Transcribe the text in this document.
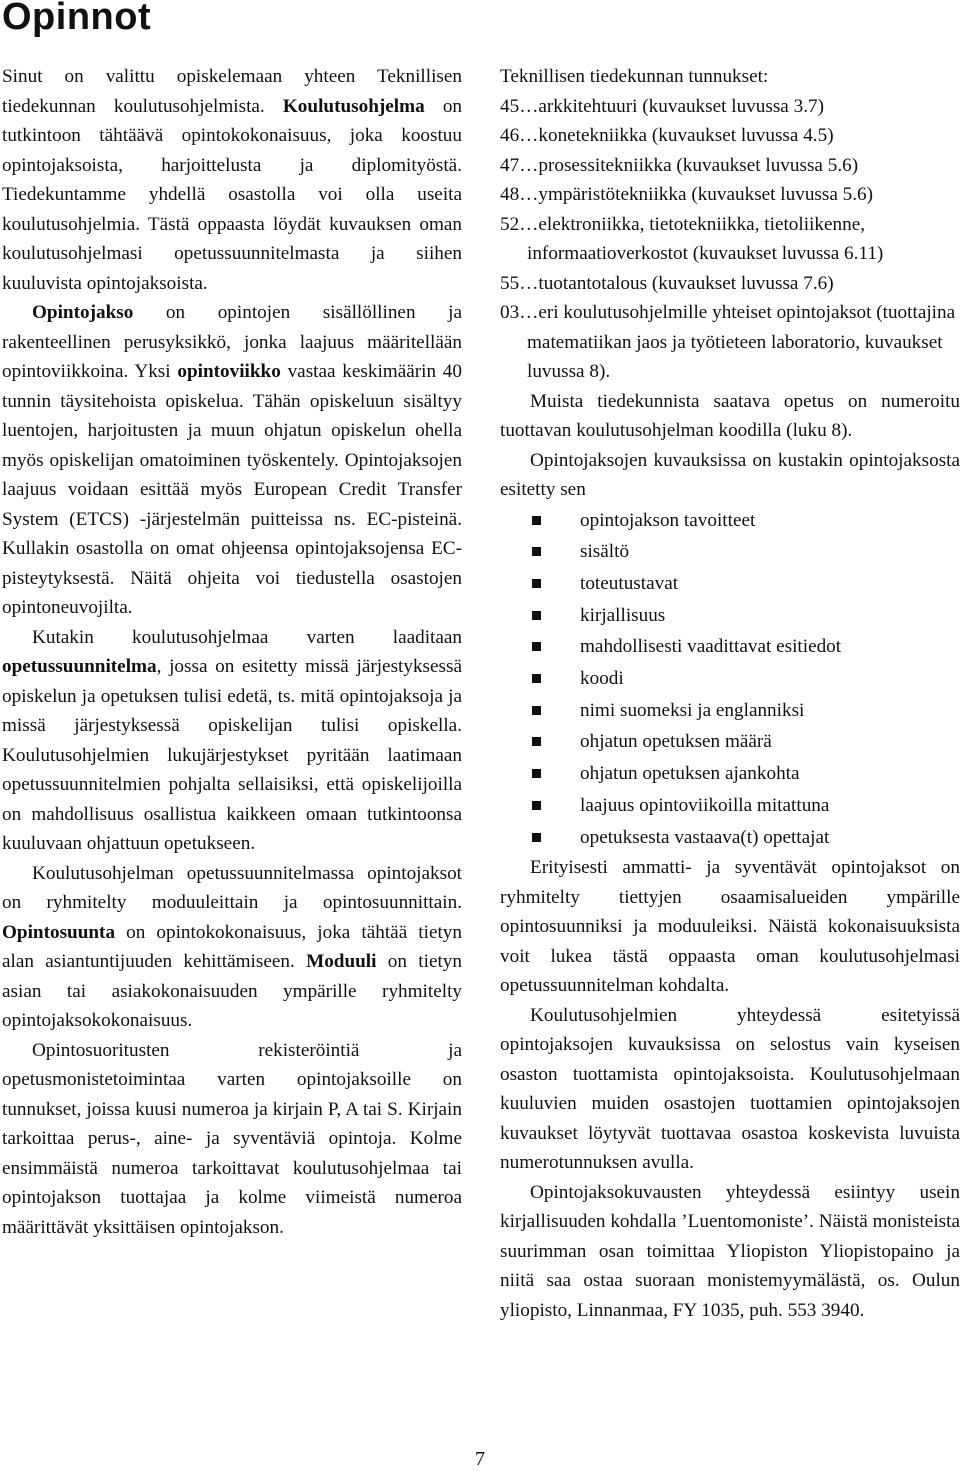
Opinnot

Sinut on valittu opiskelemaan yhteen Teknillisen tiedekunnan koulutusohjelmista. Koulutusohjelma on tutkintoon tähtäävä opintokokonaisuus, joka koostuu opintojaksoista, harjoittelusta ja diplomityöstä. Tiedekuntamme yhdellä osastolla voi olla useita koulutusohjelmia. Tästä oppaasta löydät kuvauksen oman koulutusohjelmasi opetussuunnitelmasta ja siihen kuuluvista opintojaksoista.

Opintojakso on opintojen sisällöllinen ja rakenteellinen perusyksikkö, jonka laajuus määritellään opintoviikkoina. Yksi opintoviikko vastaa keskimäärin 40 tunnin täysitehoista opiskelua. Tähän opiskeluun sisältyy luentojen, harjoitusten ja muun ohjatun opiskelun ohella myös opiskelijan omatoiminen työskentely. Opintojaksojen laajuus voidaan esittää myös European Credit Transfer System (ETCS) -järjestelmän puitteissa ns. EC-pisteinä. Kullakin osastolla on omat ohjeensa opintojaksojensa EC-pisteytyksestä. Näitä ohjeita voi tiedustella osastojen opintoneuvojilta.

Kutakin koulutusohjelmaa varten laaditaan opetussuunnitelma, jossa on esitetty missä järjestyksessä opiskelun ja opetuksen tulisi edetä, ts. mitä opintojaksoja ja missä järjestyksessä opiskelijan tulisi opiskella. Koulutusohjelmien lukujärjestykset pyritään laatimaan opetussuunnitelmien pohjalta sellaisiksi, että opiskelijoilla on mahdollisuus osallistua kaikkeen omaan tutkintoonsa kuuluvaan ohjattuun opetukseen.

Koulutusohjelman opetussuunnitelmassa opintojaksot on ryhmitelty moduuleittain ja opintosuunnittain. Opintosuunta on opintokokonaisuus, joka tähtää tietyn alan asiantuntijuuden kehittämiseen. Moduuli on tietyn asian tai asiakokonaisuuden ympärille ryhmitelty opintojaksokokonaisuus.

Opintosuoritusten rekisteröintiä ja opetusmonistetoimintaa varten opintojaksoille on tunnukset, joissa kuusi numeroa ja kirjain P, A tai S. Kirjain tarkoittaa perus-, aine- ja syventäviä opintoja. Kolme ensimmäistä numeroa tarkoittavat koulutusohjelmaa tai opintojakson tuottajaa ja kolme viimeistä numeroa määrittävät yksittäisen opintojakson.

Teknillisen tiedekunnan tunnukset:

45…arkkitehtuuri (kuvaukset luvussa 3.7)
46…konetekniikka (kuvaukset luvussa 4.5)
47…prosessitekniikka (kuvaukset luvussa 5.6)
48…ympäristötekniikka (kuvaukset luvussa 5.6)
52…elektroniikka, tietotekniikka, tietoliikenne, informaatioverkostot (kuvaukset luvussa 6.11)
55…tuotantotalous (kuvaukset luvussa 7.6)
03…eri koulutusohjelmille yhteiset opintojaksot (tuottajina matematiikan jaos ja työtieteen laboratorio, kuvaukset luvussa 8).

Muista tiedekunnista saatava opetus on numeroitu tuottavan koulutusohjelman koodilla (luku 8).

Opintojaksojen kuvauksissa on kustakin opintojaksosta esitetty sen

opintojakson tavoitteet
sisältö
toteutustavat
kirjallisuus
mahdollisesti vaadittavat esitiedot
koodi
nimi suomeksi ja englanniksi
ohjatun opetuksen määrä
ohjatun opetuksen ajankohta
laajuus opintoviikoilla mitattuna
opetuksesta vastaava(t) opettajat

Erityisesti ammatti- ja syventävät opintojaksot on ryhmitelty tiettyjen osaamisalueiden ympärille opintosuunniksi ja moduuleiksi. Näistä kokonaisuuksista voit lukea tästä oppaasta oman koulutusohjelmasi opetussuunnitelman kohdalta.

Koulutusohjelmien yhteydessä esitetyissä opintojaksojen kuvauksissa on selostus vain kyseisen osaston tuottamista opintojaksoista. Koulutusohjelmaan kuuluvien muiden osastojen tuottamien opintojaksojen kuvaukset löytyvät tuottavaa osastoa koskevista luvuista numerotunnuksen avulla.

Opintojaksokuvausten yhteydessä esiintyy usein kirjallisuuden kohdalla ’Luentomoniste’. Näistä monisteista suurimman osan toimittaa Yliopiston Yliopistopaino ja niitä saa ostaa suoraan monistemyymälästä, os. Oulun yliopisto, Linnanmaa, FY 1035, puh. 553 3940.

7
